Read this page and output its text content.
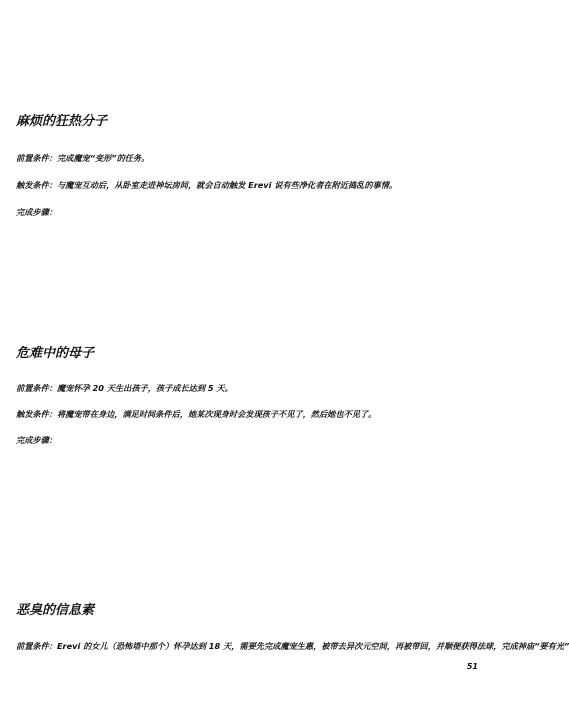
麻烦的狂热分子
前置条件：完成魔宠“变形”的任务。
触发条件：与魔宠互动后，从卧室走进神坛房间，就会自动触发 Erevi 说有些净化者在附近捣乱的事情。
完成步骤：
危难中的母子
前置条件：魔宠怀孕 20 天生出孩子，孩子成长达到 5 天。
触发条件：将魔宠带在身边，满足时间条件后，她某次现身时会发现孩子不见了，然后她也不见了。
完成步骤：
恶臭的信息素
前置条件：Erevi 的女儿（恐怖塔中那个）怀孕达到 18 天，需要先完成魔宠生惠，被带去异次元空间，再被带回，并顺便获得法球，完成神庙“要有光”
51
